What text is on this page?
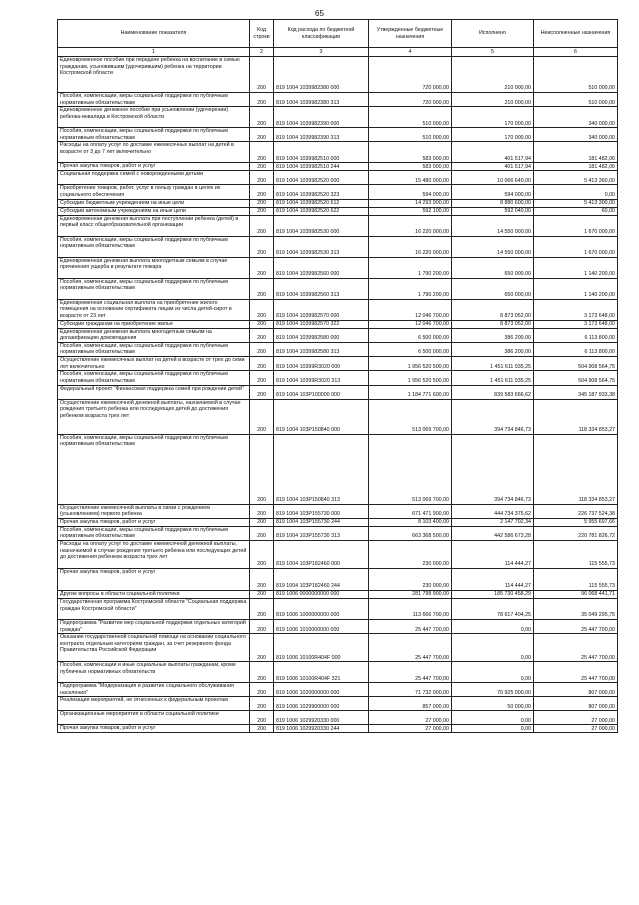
65
Наименование показателя	Код строки	Код расхода по бюджетной классификации	Утвержденные бюджетные назначения	Исполнено	Неисполненные назначения
1	2	3	4	5	6
Единовременное пособие при передаче ребенка на воспитание в семью гражданам, усыновившим (удочерившим) ребенка на территории Костромской области	200	819 1004 1039982380 000	720 000,00	210 000,00	510 000,00
Пособия, компенсации, меры социальной поддержки по публичным нормативным обязательствам	200	819 1004 1039982380 313	720 000,00	210 000,00	510 000,00
Единовременное денежное пособие при усыновлении (удочерении) ребенка-инвалида в Костромской области	200	819 1004 1039982390 000	510 000,00	170 000,00	340 000,00
Пособия, компенсации, меры социальной поддержки по публичным нормативным обязательствам	200	819 1004 1039982390 313	510 000,00	170 000,00	340 000,00
Расходы на оплату услуг по доставке ежемесячных выплат на детей в возрасте от 3 до 7 лет включительно	200	819 1004 1039982510 000	583 000,00	401 517,94	181 482,06
Прочая закупка товаров, работ и услуг	200	819 1004 1039982510 244	583 000,00	401 517,94	181 482,06
Социальная поддержка семей с новорожденными детьми	200	819 1004 1039982520 000	15 480 000,00	10 066 640,00	5 413 360,00
Приобретение товаров, работ, услуг в пользу граждан в целях их социального обеспечения	200	819 1004 1039982520 323	594 000,00	594 000,00	0,00
Субсидии бюджетным учреждениям на иные цели	200	819 1004 1039982520 612	14 293 900,00	8 880 600,00	5 413 300,00
Субсидии автономным учреждениям на иные цели	200	819 1004 1039982520 622	592 100,00	592 040,00	60,00
Единовременная денежная выплата при поступлении ребенка (детей) в первый класс общеобразовательной организации	200	819 1004 1039982530 000	16 220 000,00	14 550 000,00	1 670 000,00
Пособия, компенсации, меры социальной поддержки по публичным нормативным обязательствам	200	819 1004 1039982530 313	16 220 000,00	14 550 000,00	1 670 000,00
Единовременная денежная выплата многодетным семьям в случае причинения ущерба в результате пожара	200	819 1004 1039982560 000	1 790 200,00	650 000,00	1 140 200,00
Пособия, компенсации, меры социальной поддержки по публичным нормативным обязательствам	200	819 1004 1039982560 313	1 790 200,00	650 000,00	1 140 200,00
Единовременная социальная выплата на приобретение жилого помещения на основании сертификата лицам из числа детей-сирот в возрасте от 23 лет	200	819 1004 1039982570 000	12 046 700,00	8 873 052,00	3 173 648,00
Субсидии гражданам на приобретение жилья	200	819 1004 1039982570 322	12 046 700,00	8 873 052,00	3 173 648,00
Единовременная денежная выплата многодетным семьям на догазификацию домовладения	200	819 1004 1039982580 000	6 500 000,00	386 200,00	6 113 800,00
Пособия, компенсации, меры социальной поддержки по публичным нормативным обязательствам	200	819 1004 1039982580 313	6 500 000,00	386 200,00	6 113 800,00
Осуществление ежемесячных выплат на детей в возрасте от трех до семи лет включительно	200	819 1004 10399R3020 000	1 956 520 500,00	1 451 611 935,25	504 908 564,75
Пособия, компенсации, меры социальной поддержки по публичным нормативным обязательствам	200	819 1004 10399R3020 313	1 956 520 500,00	1 451 611 935,25	504 908 564,75
Федеральный проект "Финансовая поддержка семей при рождении детей"	200	819 1004 103P100000 000	1 184 771 600,00	839 583 666,62	345 187 933,38
Осуществление ежемесячной денежной выплаты, назначаемой в случае рождения третьего ребенка или последующих детей до достижения ребенком возраста трех лет	200	819 1004 103P150840 000	513 069 700,00	394 734 846,73	118 334 853,27
Пособия, компенсации, меры социальной поддержки по публичным нормативным обязательствам	200	819 1004 103P150840 313	513 069 700,00	394 734 846,73	118 334 853,27
Осуществление ежемесячной выплаты в связи с рождением (усыновлением) первого ребенка	200	819 1004 103P155730 000	671 471 900,00	444 734 375,62	226 737 524,38
Прочая закупка товаров, работ и услуг	200	819 1004 103P155730 244	8 103 400,00	2 147 702,34	5 955 697,66
Пособия, компенсации, меры социальной поддержки по публичным нормативным обязательствам	200	819 1004 103P155730 313	663 368 500,00	442 586 673,28	220 781 826,72
Расходы на оплату услуг по доставке ежемесячной денежной выплаты, назначаемой в случае рождения третьего ребенка или последующих детей до достижения ребенком возраста трех лет	200	819 1004 103P182460 000	230 000,00	114 444,27	115 555,73
Прочая закупка товаров, работ и услуг	200	819 1004 103P182460 244	230 000,00	114 444,27	115 555,73
Другие вопросы в области социальной политики	200	819 1006 0000000000 000	281 798 900,00	185 730 458,29	96 068 441,71
Государственная программа Костромской области "Социальная поддержка граждан Костромской области"	200	819 1006 1000000000 000	113 666 700,00	78 617 404,25	35 049 295,75
Подпрограмма "Развитие мер социальной поддержки отдельных категорий граждан"	200	819 1006 1010000000 000	25 447 700,00	0,00	25 447 700,00
Оказание государственной социальной помощи на основании социального контракта отдельным категориям граждан, за счет резервного фонда Правительства Российской Федерации	200	819 1006 10100R404F 000	25 447 700,00	0,00	25 447 700,00
Пособия, компенсации и иные социальные выплаты гражданам, кроме публичных нормативных обязательств	200	819 1006 10100R404F 321	25 447 700,00	0,00	25 447 700,00
Подпрограмма "Модернизация и развитие социального обслуживания населения"	200	819 1006 1020000000 000	71 732 000,00	70 925 000,00	807 000,00
Реализация мероприятий, не отнесенных к федеральным проектам	200	819 1006 1029900000 000	857 000,00	50 000,00	807 000,00
Организационные мероприятия в области социальной политики	200	819 1006 1029920330 000	27 000,00	0,00	27 000,00
Прочая закупка товаров, работ и услуг	200	819 1006 1029920330 244	27 000,00	0,00	27 000,00
